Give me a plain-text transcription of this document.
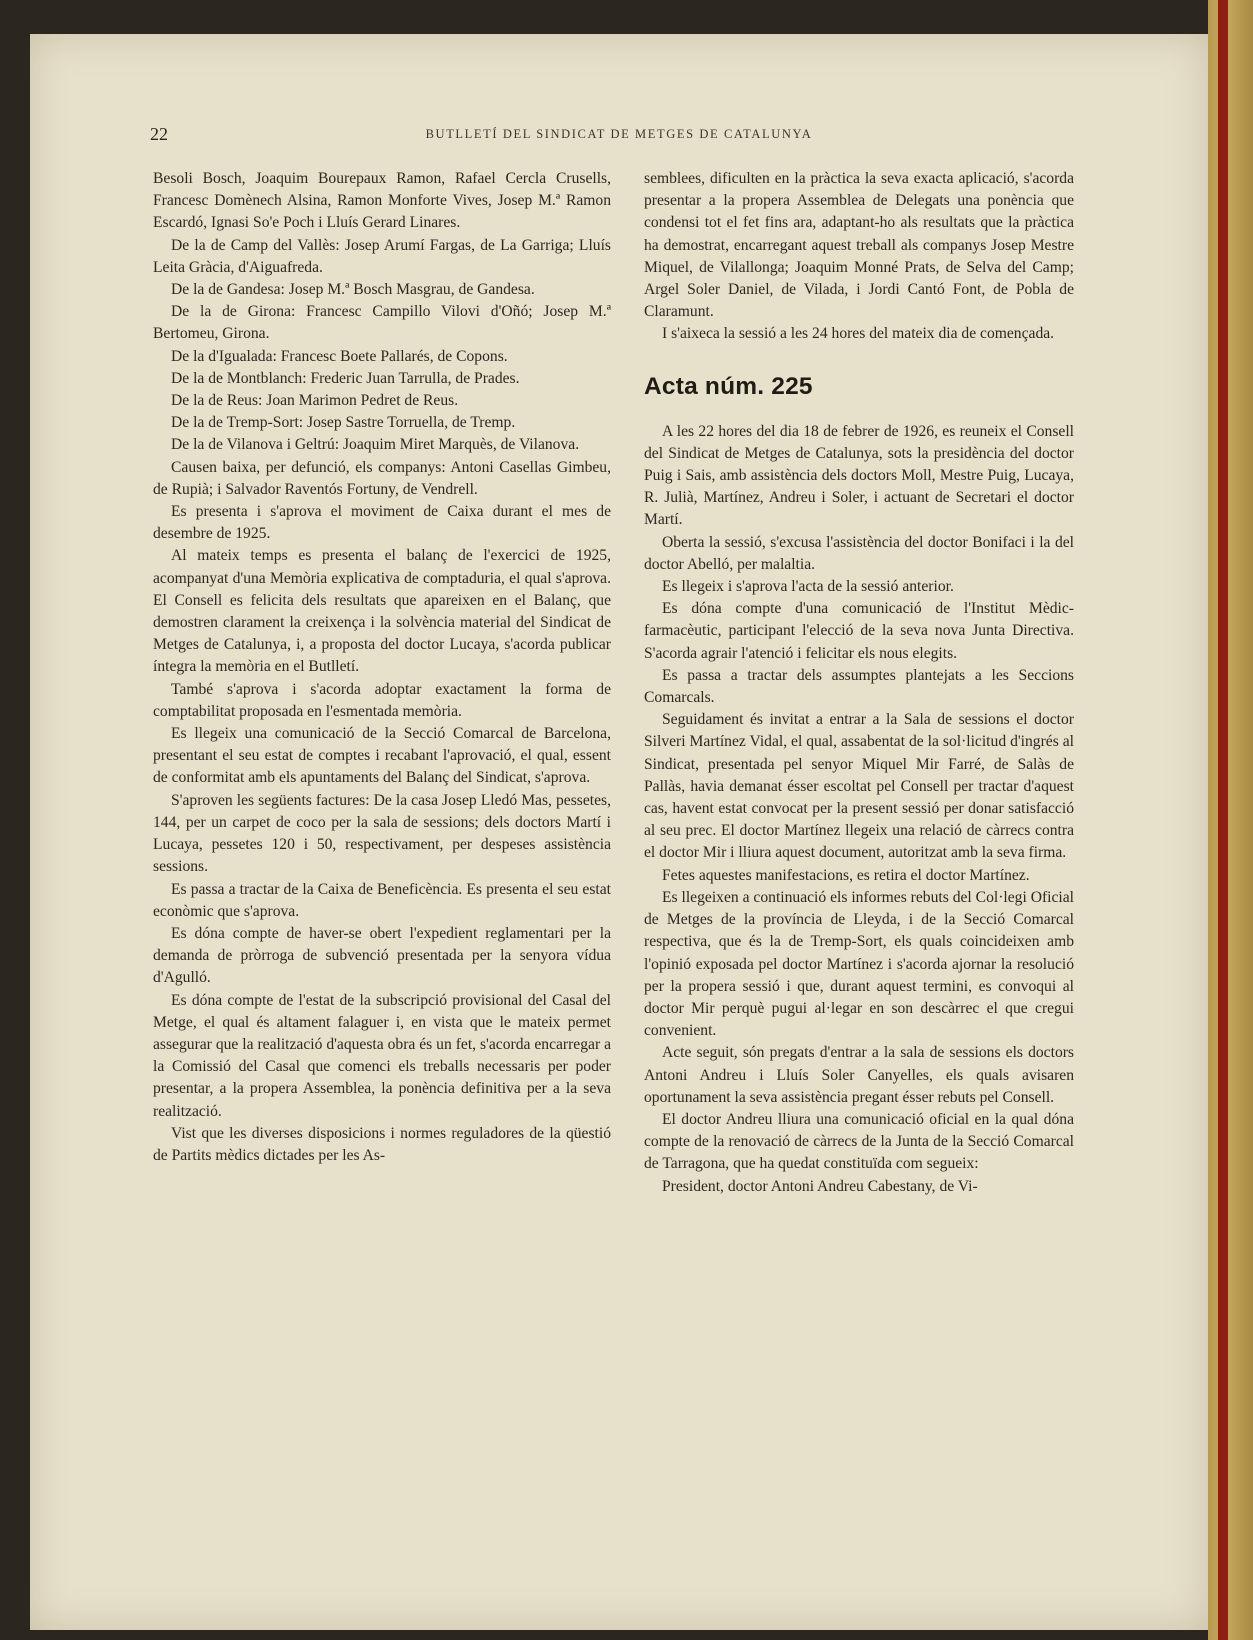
22	BUTLLETÍ DEL SINDICAT DE METGES DE CATALUNYA

Besoli Bosch, Joaquim Bourepaux Ramon, Rafael Cercla Crusells, Francesc Domènech Alsina, Ramon Monforte Vives, Josep M.ª Ramon Escardó, Ignasi So'e Poch i Lluís Gerard Linares.

De la de Camp del Vallès: Josep Arumí Fargas, de La Garriga; Lluís Leita Gràcia, d'Aiguafreda.

De la de Gandesa: Josep M.ª Bosch Masgrau, de Gandesa.

De la de Girona: Francesc Campillo Vilovi d'Oñó; Josep M.ª Bertomeu, Girona.

De la d'Igualada: Francesc Boete Pallarés, de Copons.

De la de Montblanch: Frederic Juan Tarrulla, de Prades.

De la de Reus: Joan Marimon Pedret de Reus.

De la de Tremp-Sort: Josep Sastre Torruella, de Tremp.

De la de Vilanova i Geltrú: Joaquim Miret Marquès, de Vilanova.

Causen baixa, per defunció, els companys: Antoni Casellas Gimbeu, de Rupià; i Salvador Raventós Fortuny, de Vendrell.

Es presenta i s'aprova el moviment de Caixa durant el mes de desembre de 1925.

Al mateix temps es presenta el balanç de l'exercici de 1925, acompanyat d'una Memòria explicativa de comptaduria, el qual s'aprova. El Consell es felicita dels resultats que apareixen en el Balanç, que demostren clarament la creixença i la solvència material del Sindicat de Metges de Catalunya, i, a proposta del doctor Lucaya, s'acorda publicar íntegra la memòria en el Butlletí.

També s'aprova i s'acorda adoptar exactament la forma de comptabilitat proposada en l'esmentada memòria.

Es llegeix una comunicació de la Secció Comarcal de Barcelona, presentant el seu estat de comptes i recabant l'aprovació, el qual, essent de conformitat amb els apuntaments del Balanç del Sindicat, s'aprova.

S'aproven les següents factures: De la casa Josep Lledó Mas, pessetes, 144, per un carpet de coco per la sala de sessions; dels doctors Martí i Lucaya, pessetes 120 i 50, respectivament, per despeses assistència sessions.

Es passa a tractar de la Caixa de Beneficència. Es presenta el seu estat econòmic que s'aprova.

Es dóna compte de haver-se obert l'expedient reglamentari per la demanda de pròrroga de subvenció presentada per la senyora vídua d'Agulló.

Es dóna compte de l'estat de la subscripció provisional del Casal del Metge, el qual és altament falaguer i, en vista que le mateix permet assegurar que la realització d'aquesta obra és un fet, s'acorda encarregar a la Comissió del Casal que comenci els treballs necessaris per poder presentar, a la propera Assemblea, la ponència definitiva per a la seva realització.

Vist que les diverses disposicions i normes reguladores de la qüestió de Partits mèdics dictades per les As-

semblees, dificulten en la pràctica la seva exacta aplicació, s'acorda presentar a la propera Assemblea de Delegats una ponència que condensi tot el fet fins ara, adaptant-ho als resultats que la pràctica ha demostrat, encarregant aquest treball als companys Josep Mestre Miquel, de Vilallonga; Joaquim Monné Prats, de Selva del Camp; Argel Soler Daniel, de Vilada, i Jordi Cantó Font, de Pobla de Claramunt.

I s'aixeca la sessió a les 24 hores del mateix dia de començada.

Acta núm. 225

A les 22 hores del dia 18 de febrer de 1926, es reuneix el Consell del Sindicat de Metges de Catalunya, sots la presidència del doctor Puig i Sais, amb assistència dels doctors Moll, Mestre Puig, Lucaya, R. Julià, Martínez, Andreu i Soler, i actuant de Secretari el doctor Martí.

Oberta la sessió, s'excusa l'assistència del doctor Bonifaci i la del doctor Abelló, per malaltia.

Es llegeix i s'aprova l'acta de la sessió anterior.

Es dóna compte d'una comunicació de l'Institut Mèdic-farmacèutic, participant l'elecció de la seva nova Junta Directiva. S'acorda agrair l'atenció i felicitar els nous elegits.

Es passa a tractar dels assumptes plantejats a les Seccions Comarcals.

Seguidament és invitat a entrar a la Sala de sessions el doctor Silveri Martínez Vidal, el qual, assabentat de la sol·licitud d'ingrés al Sindicat, presentada pel senyor Miquel Mir Farré, de Salàs de Pallàs, havia demanat ésser escoltat pel Consell per tractar d'aquest cas, havent estat convocat per la present sessió per donar satisfacció al seu prec. El doctor Martínez llegeix una relació de càrrecs contra el doctor Mir i lliura aquest document, autoritzat amb la seva firma.

Fetes aquestes manifestacions, es retira el doctor Martínez.

Es llegeixen a continuació els informes rebuts del Col·legi Oficial de Metges de la província de Lleyda, i de la Secció Comarcal respectiva, que és la de Tremp-Sort, els quals coincideixen amb l'opinió exposada pel doctor Martínez i s'acorda ajornar la resolució per la propera sessió i que, durant aquest termini, es convoqui al doctor Mir perquè pugui al·legar en son descàrrec el que cregui convenient.

Acte seguit, són pregats d'entrar a la sala de sessions els doctors Antoni Andreu i Lluís Soler Canyelles, els quals avisaren oportunament la seva assistència pregant ésser rebuts pel Consell.

El doctor Andreu lliura una comunicació oficial en la qual dóna compte de la renovació de càrrecs de la Junta de la Secció Comarcal de Tarragona, que ha quedat constituïda com segueix:

President, doctor Antoni Andreu Cabestany, de Vi-
